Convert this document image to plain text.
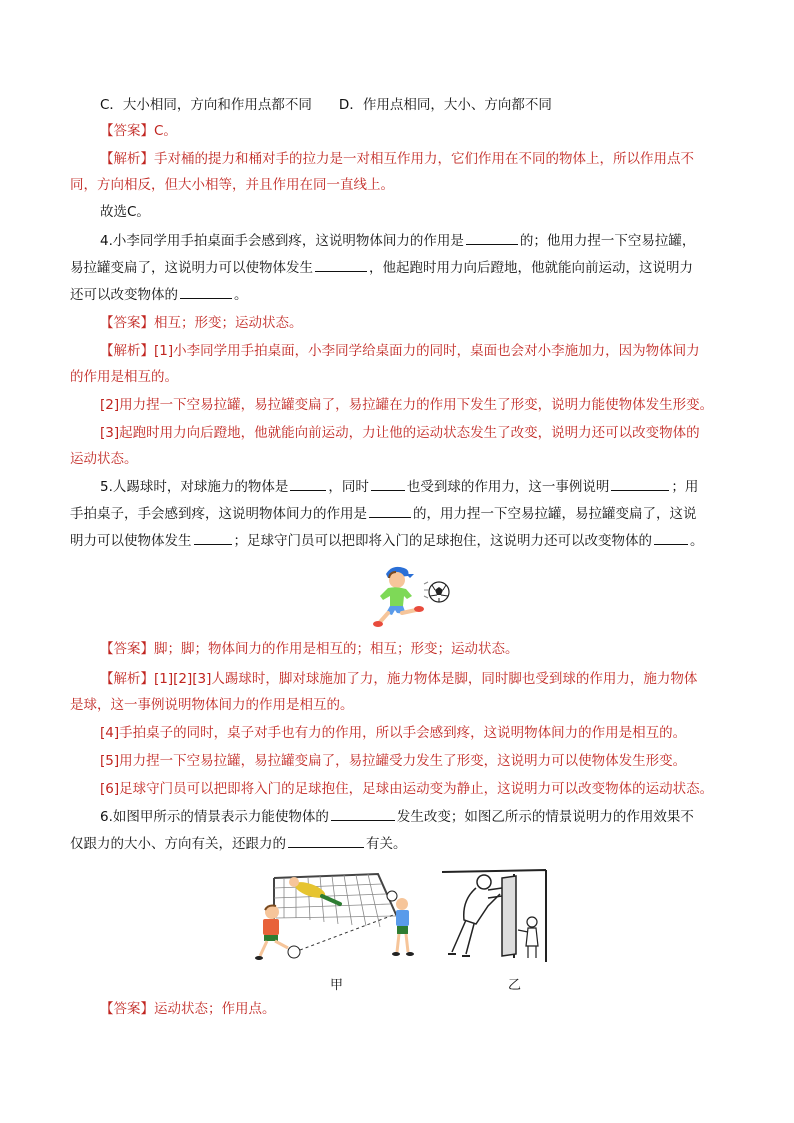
C．大小相同，方向和作用点都不同　　D．作用点相同，大小、方向都不同

【答案】C。

【解析】手对桶的提力和桶对手的拉力是一对相互作用力，它们作用在不同的物体上，所以作用点不

同，方向相反，但大小相等，并且作用在同一直线上。

故选C。

4.小李同学用手拍桌面手会感到疼，这说明物体间力的作用是	的；他用力捏一下空易拉罐，

易拉罐变扁了，这说明力可以使物体发生	，他起跑时用力向后蹬地，他就能向前运动，这说明力

还可以改变物体的	。

【答案】相互；形变；运动状态。

【解析】[1]小李同学用手拍桌面，小李同学给桌面力的同时，桌面也会对小李施加力，因为物体间力

的作用是相互的。

[2]用力捏一下空易拉罐，易拉罐变扁了，易拉罐在力的作用下发生了形变，说明力能使物体发生形变。

[3]起跑时用力向后蹬地，他就能向前运动，力让他的运动状态发生了改变，说明力还可以改变物体的

运动状态。

5.人踢球时，对球施力的物体是	，同时	也受到球的作用力，这一事例说明	；用

手拍桌子，手会感到疼，这说明物体间力的作用是	的，用力捏一下空易拉罐，易拉罐变扁了，这说

明力可以使物体发生	；足球守门员可以把即将入门的足球抱住，这说明力还可以改变物体的	。

【答案】脚；脚；物体间力的作用是相互的；相互；形变；运动状态。

【解析】[1][2][3]人踢球时，脚对球施加了力，施力物体是脚，同时脚也受到球的作用力，施力物体

是球，这一事例说明物体间力的作用是相互的。

[4]手拍桌子的同时，桌子对手也有力的作用，所以手会感到疼，这说明物体间力的作用是相互的。

[5]用力捏一下空易拉罐，易拉罐变扁了，易拉罐受力发生了形变，这说明力可以使物体发生形变。

[6]足球守门员可以把即将入门的足球抱住，足球由运动变为静止，这说明力可以改变物体的运动状态。

6.如图甲所示的情景表示力能使物体的	发生改变；如图乙所示的情景说明力的作用效果不

仅跟力的大小、方向有关，还跟力的	有关。

甲	乙

【答案】运动状态；作用点。
